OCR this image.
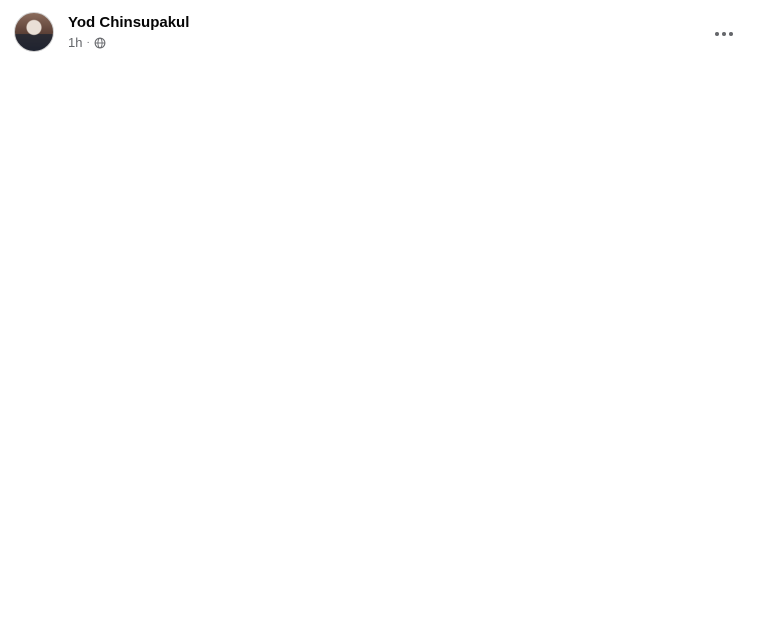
Yod Chinsupakul
1h ·
